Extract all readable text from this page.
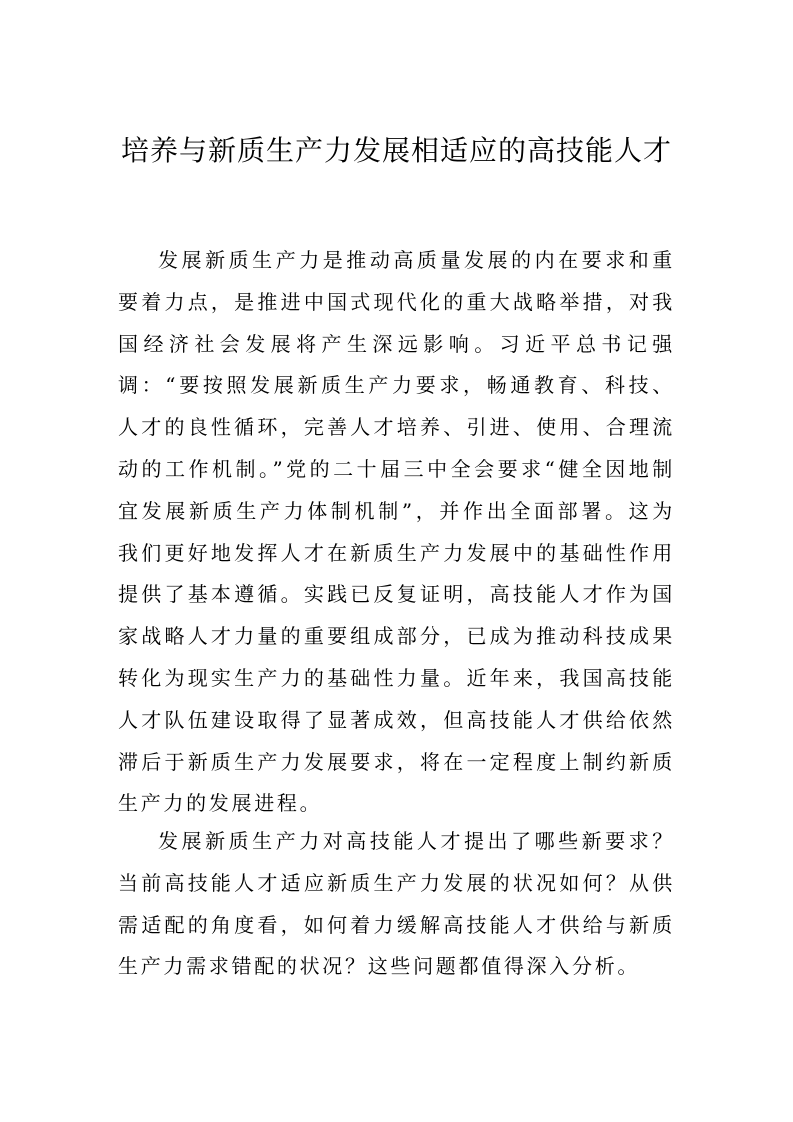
培养与新质生产力发展相适应的高技能人才

发展新质生产力是推动高质量发展的内在要求和重要着力点，是推进中国式现代化的重大战略举措，对我国经济社会发展将产生深远影响。习近平总书记强调：“要按照发展新质生产力要求，畅通教育、科技、人才的良性循环，完善人才培养、引进、使用、合理流动的工作机制。”党的二十届三中全会要求“健全因地制宜发展新质生产力体制机制”，并作出全面部署。这为我们更好地发挥人才在新质生产力发展中的基础性作用提供了基本遵循。实践已反复证明，高技能人才作为国家战略人才力量的重要组成部分，已成为推动科技成果转化为现实生产力的基础性力量。近年来，我国高技能人才队伍建设取得了显著成效，但高技能人才供给依然滞后于新质生产力发展要求，将在一定程度上制约新质生产力的发展进程。

发展新质生产力对高技能人才提出了哪些新要求？当前高技能人才适应新质生产力发展的状况如何？从供需适配的角度看，如何着力缓解高技能人才供给与新质生产力需求错配的状况？这些问题都值得深入分析。
